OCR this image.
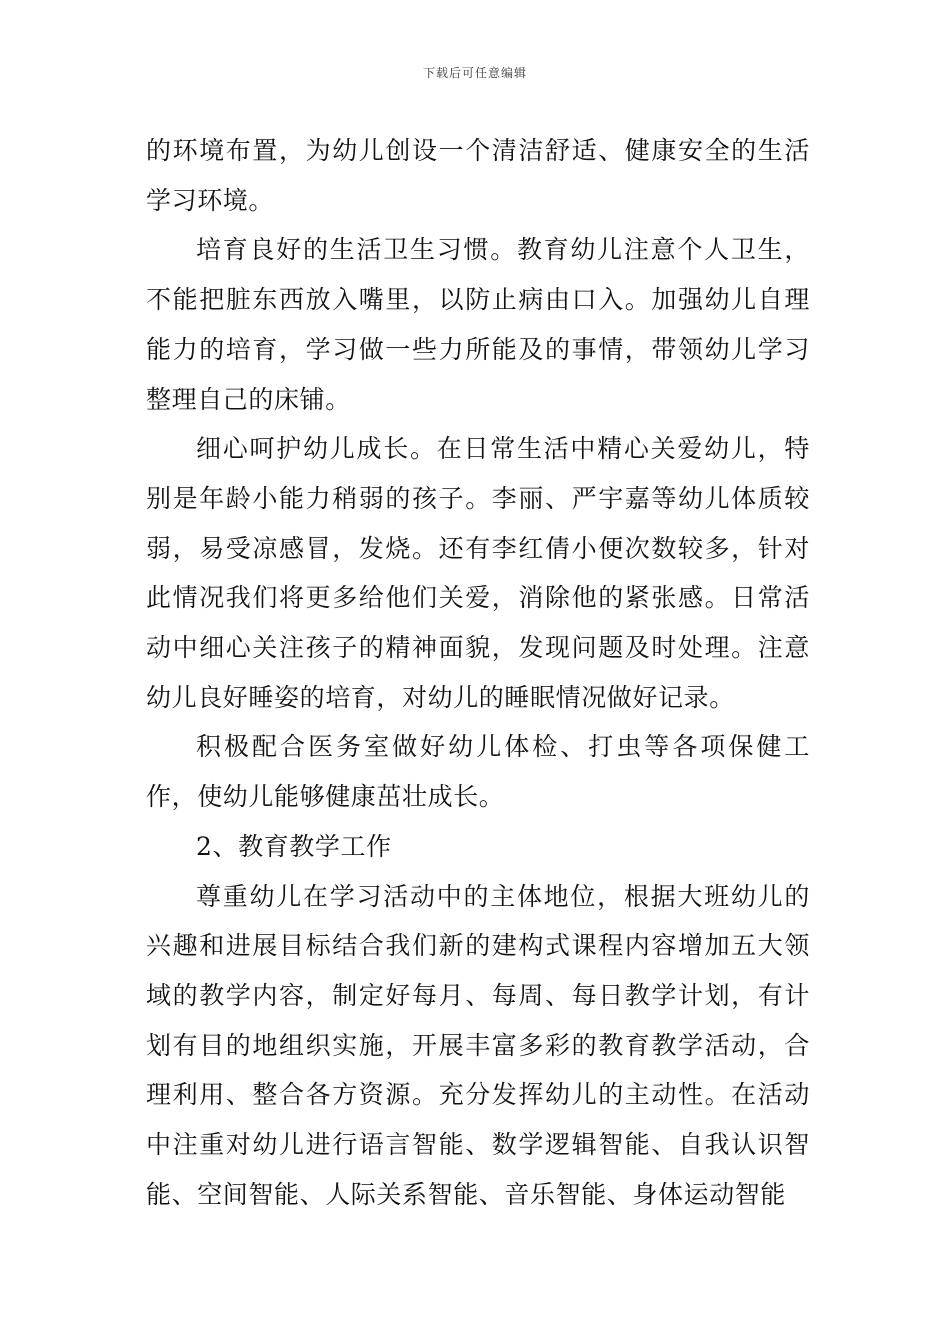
下载后可任意编辑

的环境布置，为幼儿创设一个清洁舒适、健康安全的生活学习环境。

培育良好的生活卫生习惯。教育幼儿注意个人卫生，不能把脏东西放入嘴里，以防止病由口入。加强幼儿自理能力的培育，学习做一些力所能及的事情，带领幼儿学习整理自己的床铺。

细心呵护幼儿成长。在日常生活中精心关爱幼儿，特别是年龄小能力稍弱的孩子。李丽、严宇嘉等幼儿体质较弱，易受凉感冒，发烧。还有李红倩小便次数较多，针对此情况我们将更多给他们关爱，消除他的紧张感。日常活动中细心关注孩子的精神面貌，发现问题及时处理。注意幼儿良好睡姿的培育，对幼儿的睡眠情况做好记录。

积极配合医务室做好幼儿体检、打虫等各项保健工作，使幼儿能够健康茁壮成长。

2、教育教学工作

尊重幼儿在学习活动中的主体地位，根据大班幼儿的兴趣和进展目标结合我们新的建构式课程内容增加五大领域的教学内容，制定好每月、每周、每日教学计划，有计划有目的地组织实施，开展丰富多彩的教育教学活动，合理利用、整合各方资源。充分发挥幼儿的主动性。在活动中注重对幼儿进行语言智能、数学逻辑智能、自我认识智能、空间智能、人际关系智能、音乐智能、身体运动智能
